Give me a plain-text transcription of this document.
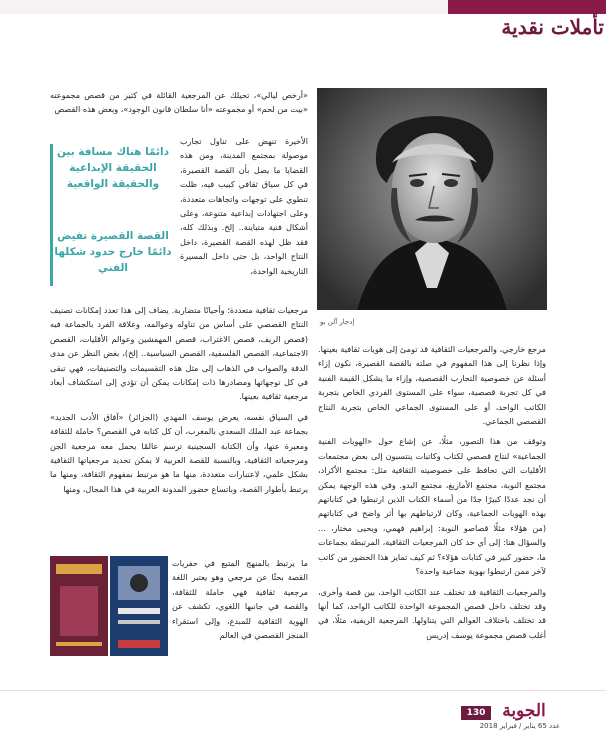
تأملات نقدية
إدجار آلن بو
«أرخص ليالي»، تحيلك عن المرجعية القائلة في كثير من قصص مجموعته «بيت من لحم» أو مجموعته «أنا سلطان قانون الوجود»، وبعض هذه القصص
دائمًا هناك مسافة بين الحقيقة الإبداعية والحقيقة الواقعية
القصة القصيرة تفيض دائمًا خارج حدود شكلها الفني
الأخيرة تنهض على تناول تجارب موصولة بمجتمع المدينة، ومن هذه القضايا ما يصل بأن القصة القصيرة، في كل سياق ثقافي كبيب فيه، ظلت تنطوي على توجهات واتجاهات متعددة، وعلى اجتهادات إبداعية متنوعة، وعلى أشكال فنية متباينة.. إلخ. وبذلك كله، فقد ظل لهذه القصة القصيرة، داخل النتاج الواحد، بل حتى داخل المسيرة التاريخية الواحدة،

مرجعيات ثقافية متعددة؛ وأحيانًا متضاربة. يضاف إلى هذا تعدد إمكانات تصنيف النتاج القصصي على أساس من تناوله وعوالمه، وعلاقة الفرد بالجماعة فيه (قصص الريف، قصص الاغتراب، قصص المهمشين وعوالم الأقليات، القصص الاجتماعية، القصص الفلسفية، القصص السياسية.. إلخ)، بغض النظر عن مدى الدقة والصواب في الذهاب إلى مثل هذه التقسيمات والتصنيفات، فهي تبقى في كل توجهاتها ومصادرها ذات إمكانات يمكن أن تؤدي إلى استكشاف أبعاد مرجعية ثقافية بعينها.

في السياق نفسه، يعرض يوسف المهدي (الجزائر) «آفاق الأدب الجديد» بجماعة عبد الملك السعدي بالمغرب، أن كل كتابه في القصص؟ حاملة للثقافة ومعبرة عنها، وأن الكتابة السجينية ترسم عالمًا يحمل معه مرجعية الجن ومرجعياته الثقافية، وبالنسبة للقصة العربية لا يمكن تحديد مرجعياتها الثقافية بشكل علمي، لاعتبارات متعددة، منها ما هو مرتبط بمفهوم الثقافة، ومنها ما يرتبط بأطوار القصة، وباتساع حضور المدونة العربية في هذا المجال، ومنها

ما يرتبط بالمنهج المتبع في حفريات القصة بحثًا عن مرجعي وهو يعتبر اللغة مرجعية ثقافية فهي حاملة للثقافة، والقصة في جانبها اللغوي، تكشف عن الهوية الثقافية للمبدع، وإلى استقراء المنجز القصصي في العالم

مرجع خارجي، والمرجعيات الثقافية قد تومئ إلى هويات ثقافية بعينها. وإذا نظرنا إلى هذا المفهوم في صلته بالقصة القصيرة، نكون إزاء أسئلة عن خصوصية التجارب القصصية، وإزاء ما يشكل القيمة الفنية في كل تجربة قصصية، سواء على المستوى الفردي الخاص بتجربة الكاتب الواحد، أو على المستوى الجماعي الخاص بتجربة النتاج القصصي الجماعي.

وتوقف من هذا التصور، مثلًا، عن إشاع حول «الهويات الفنية الجماعية» لنتاج قصصي لكتاب وكاتبات ينتسبون إلى بعض مجتمعات الأقليات التي تحافظ على خصوصيته الثقافية مثل: مجتمع الأكراد، مجتمع النوبة، مجتمع الأمازيغ، مجتمع البدو. وفي هذه الوجهة يمكن أن نجد عددًا كبيرًا جدًا من أسماء الكتاب الذين ارتبطوا في كتاباتهم بهذه الهويات الجماعية، وكان لارتباطهم بها أثر واضح في كتاباتهم (من هؤلاء مثلًا قصاصو النوبة: إبراهيم فهمي، ويحيى مختار، ... والسؤال هنا: إلى أي حد كان المرجعيات الثقافية، المرتبطة بجماعات ما، حضور كبير في كتابات هؤلاء؟ ثم كيف تمايز هذا الحضور من كاتب لآخر ممن ارتبطوا بهوية جماعية واحدة؟

والمرجعيات الثقافية قد تختلف عند الكاتب الواحد، بين قصة وأخرى، وقد تختلف داخل قصص المجموعة الواحدة للكاتب الواحد، كما أنها قد تختلف باختلاف العوالم التي يتناولها. المرجعية الريفية، مثلًا، في أغلب قصص مجموعة يوسف إدريس

130 الجوبة
عدد 65 يناير / فبراير 2018
